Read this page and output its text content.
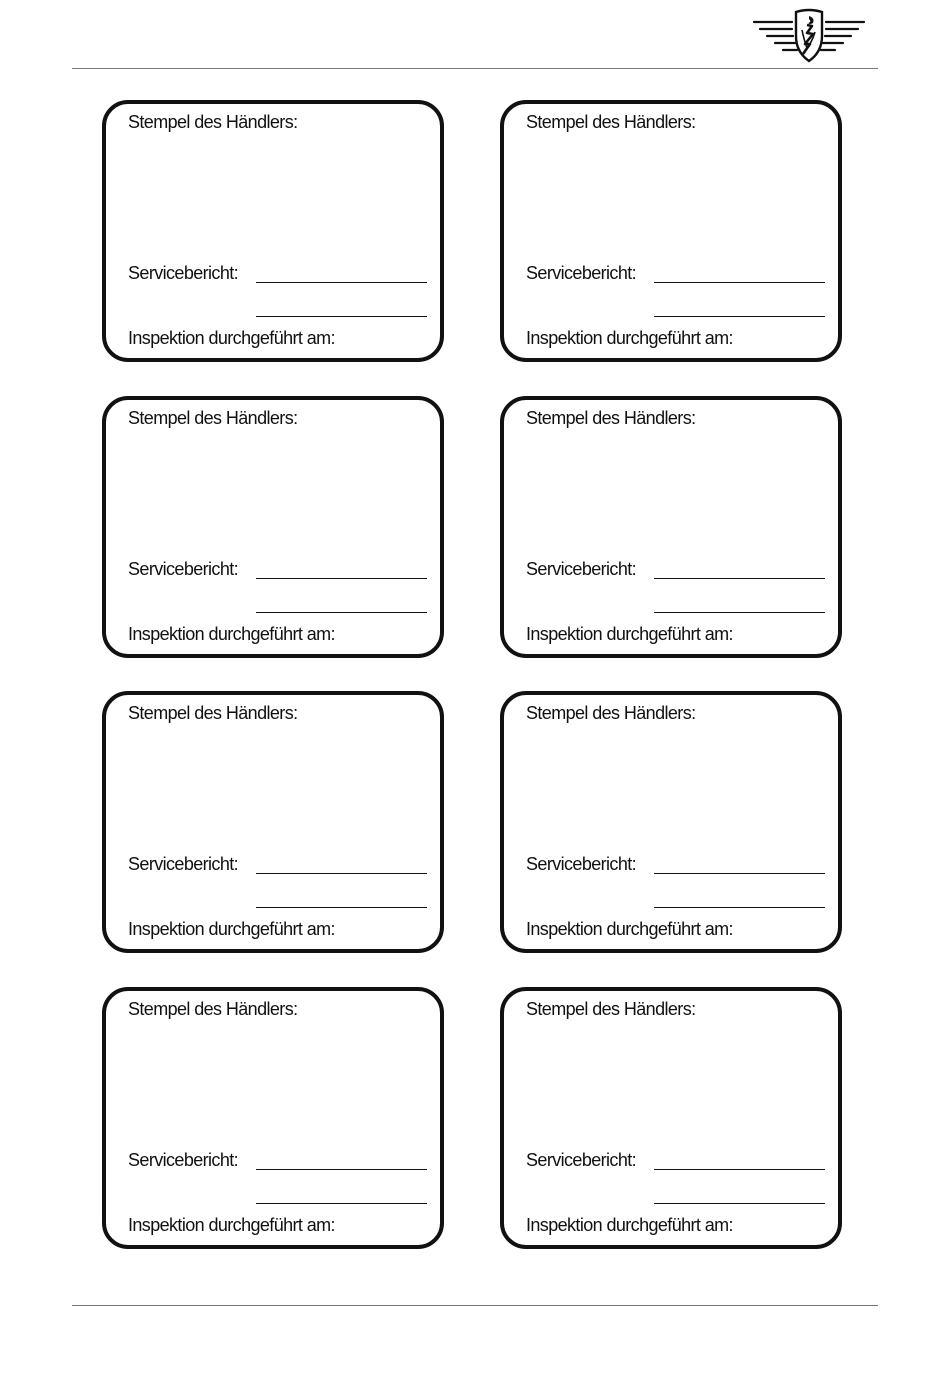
Stempel des Händlers:
Servicebericht:
Inspektion durchgeführt am:
Stempel des Händlers:
Servicebericht:
Inspektion durchgeführt am:
Stempel des Händlers:
Servicebericht:
Inspektion durchgeführt am:
Stempel des Händlers:
Servicebericht:
Inspektion durchgeführt am:
Stempel des Händlers:
Servicebericht:
Inspektion durchgeführt am:
Stempel des Händlers:
Servicebericht:
Inspektion durchgeführt am:
Stempel des Händlers:
Servicebericht:
Inspektion durchgeführt am:
Stempel des Händlers:
Servicebericht:
Inspektion durchgeführt am:
